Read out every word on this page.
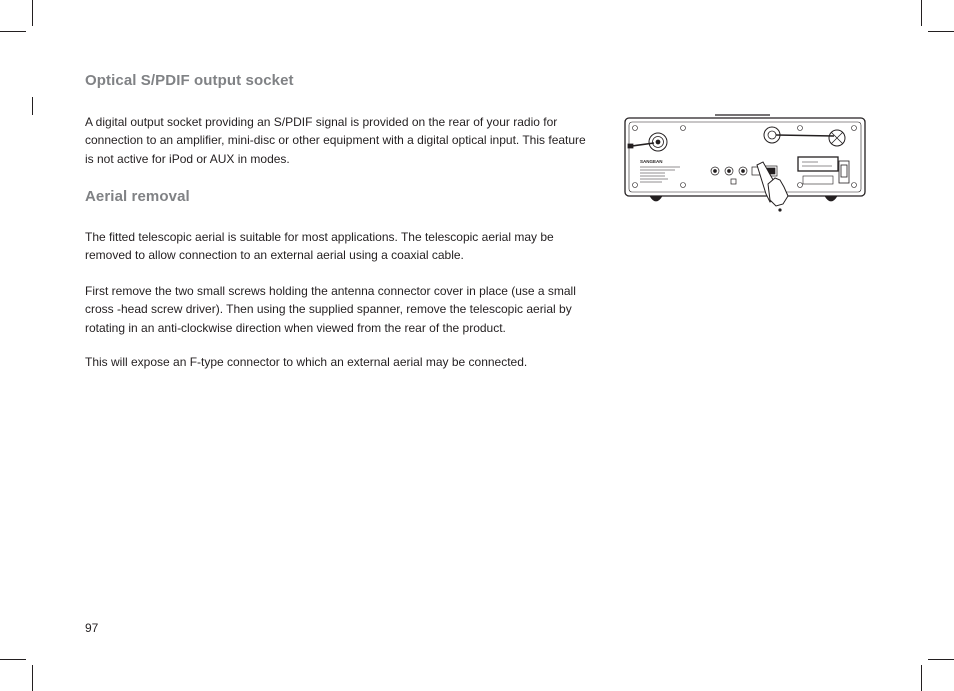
Optical S/PDIF output socket

A digital output socket providing an S/PDIF signal is provided on the rear of your radio for connection to an amplifier, mini-disc or other equipment with a digital optical input. This feature is not active for iPod or AUX in modes.

Aerial removal

The fitted telescopic aerial is suitable for most applications. The telescopic aerial may be removed to allow connection to an external aerial using a coaxial cable.

First remove the two small screws holding the antenna connector cover in place (use a small cross -head screw driver). Then using the supplied spanner, remove the telescopic aerial by rotating in an anti-clockwise direction when viewed from the rear of the product.

This will expose an F-type connector to which an external aerial may be connected.

97
SANGEAN
